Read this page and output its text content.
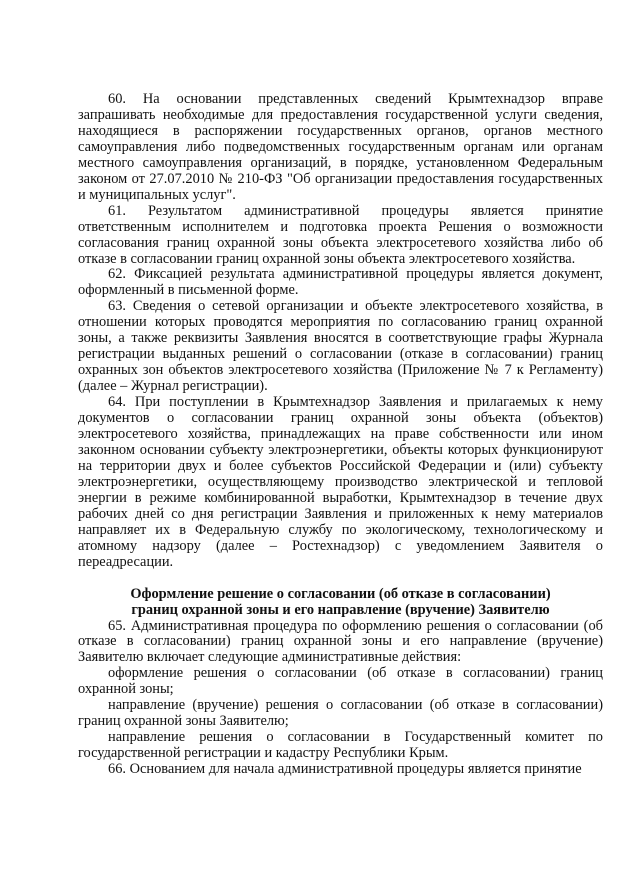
60. На основании представленных сведений Крымтехнадзор вправе запрашивать необходимые для предоставления государственной услуги сведения, находящиеся в распоряжении государственных органов, органов местного самоуправления либо подведомственных государственным органам или органам местного самоуправления организаций, в порядке, установленном Федеральным законом от 27.07.2010 № 210-ФЗ "Об организации предоставления государственных и муниципальных услуг".

61. Результатом административной процедуры является принятие ответственным исполнителем и подготовка проекта Решения о возможности согласования границ охранной зоны объекта электросетевого хозяйства либо об отказе в согласовании границ охранной зоны объекта электросетевого хозяйства.

62. Фиксацией результата административной процедуры является документ, оформленный в письменной форме.

63. Сведения о сетевой организации и объекте электросетевого хозяйства, в отношении которых проводятся мероприятия по согласованию границ охранной зоны, а также реквизиты Заявления вносятся в соответствующие графы Журнала регистрации выданных решений о согласовании (отказе в согласовании) границ охранных зон объектов электросетевого хозяйства (Приложение № 7 к Регламенту) (далее – Журнал регистрации).

64. При поступлении в Крымтехнадзор Заявления и прилагаемых к нему документов о согласовании границ охранной зоны объекта (объектов) электросетевого хозяйства, принадлежащих на праве собственности или ином законном основании субъекту электроэнергетики, объекты которых функционируют на территории двух и более субъектов Российской Федерации и (или) субъекту электроэнергетики, осуществляющему производство электрической и тепловой энергии в режиме комбинированной выработки, Крымтехнадзор в течение двух рабочих дней со дня регистрации Заявления и приложенных к нему материалов направляет их в Федеральную службу по экологическому, технологическому и атомному надзору (далее – Ростехнадзор) с уведомлением Заявителя о переадресации.

Оформление решение о согласовании (об отказе в согласовании)

границ охранной зоны и его направление (вручение) Заявителю

65. Административная процедура по оформлению решения о согласовании (об отказе в согласовании) границ охранной зоны и его направление (вручение) Заявителю включает следующие административные действия:

оформление решения о согласовании (об отказе в согласовании) границ охранной зоны;

направление (вручение) решения о согласовании (об отказе в согласовании) границ охранной зоны Заявителю;

направление решения о согласовании в Государственный комитет по государственной регистрации и кадастру Республики Крым.

66. Основанием для начала административной процедуры является принятие
